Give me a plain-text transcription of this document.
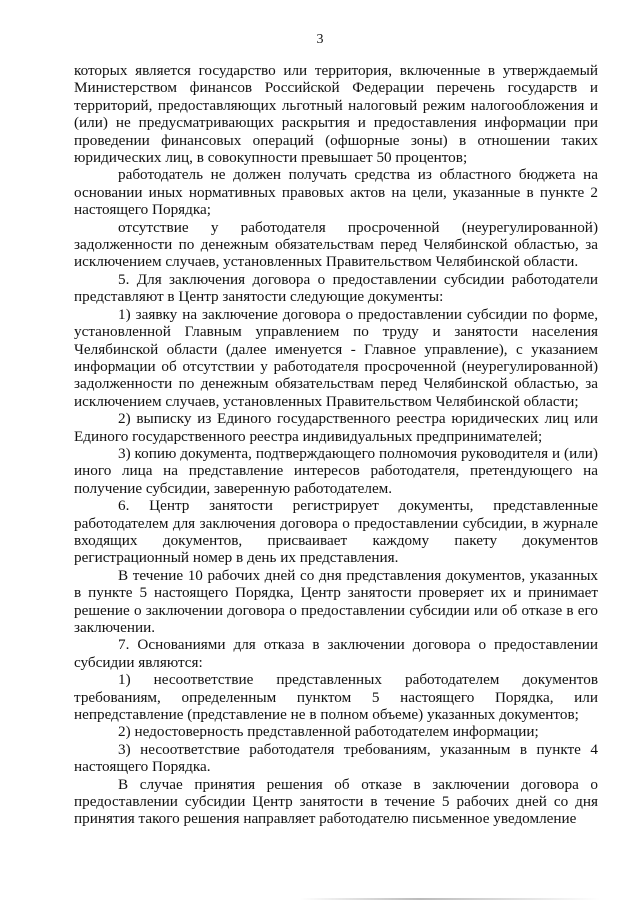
3

которых является государство или территория, включенные в утверждаемый Министерством финансов Российской Федерации перечень государств и территорий, предоставляющих льготный налоговый режим налогообложения и (или) не предусматривающих раскрытия и предоставления информации при проведении финансовых операций (офшорные зоны) в отношении таких юридических лиц, в совокупности превышает 50 процентов;

работодатель не должен получать средства из областного бюджета на основании иных нормативных правовых актов на цели, указанные в пункте 2 настоящего Порядка;

отсутствие у работодателя просроченной (неурегулированной) задолженности по денежным обязательствам перед Челябинской областью, за исключением случаев, установленных Правительством Челябинской области.

5. Для заключения договора о предоставлении субсидии работодатели представляют в Центр занятости следующие документы:

1) заявку на заключение договора о предоставлении субсидии по форме, установленной Главным управлением по труду и занятости населения Челябинской области (далее именуется - Главное управление), с указанием информации об отсутствии у работодателя просроченной (неурегулированной) задолженности по денежным обязательствам перед Челябинской областью, за исключением случаев, установленных Правительством Челябинской области;

2) выписку из Единого государственного реестра юридических лиц или Единого государственного реестра индивидуальных предпринимателей;

3) копию документа, подтверждающего полномочия руководителя и (или) иного лица на представление интересов работодателя, претендующего на получение субсидии, заверенную работодателем.

6. Центр занятости регистрирует документы, представленные работодателем для заключения договора о предоставлении субсидии, в журнале входящих документов, присваивает каждому пакету документов регистрационный номер в день их представления.

В течение 10 рабочих дней со дня представления документов, указанных в пункте 5 настоящего Порядка, Центр занятости проверяет их и принимает решение о заключении договора о предоставлении субсидии или об отказе в его заключении.

7. Основаниями для отказа в заключении договора о предоставлении субсидии являются:

1) несоответствие представленных работодателем документов требованиям, определенным пунктом 5 настоящего Порядка, или непредставление (представление не в полном объеме) указанных документов;

2) недостоверность представленной работодателем информации;

3) несоответствие работодателя требованиям, указанным в пункте 4 настоящего Порядка.

В случае принятия решения об отказе в заключении договора о предоставлении субсидии Центр занятости в течение 5 рабочих дней со дня принятия такого решения направляет работодателю письменное уведомление
